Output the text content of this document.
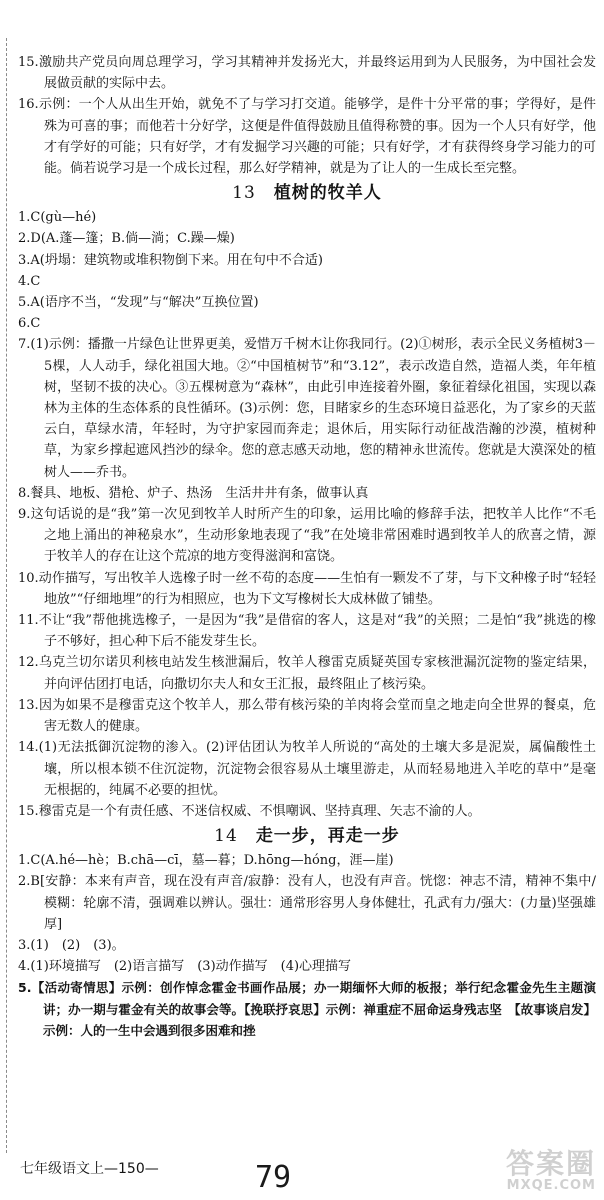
15.激励共产党员向周总理学习，学习其精神并发扬光大，并最终运用到为人民服务，为中国社会发展做贡献的实际中去。

16.示例：一个人从出生开始，就免不了与学习打交道。能够学，是件十分平常的事；学得好，是件殊为可喜的事；而他若十分好学，这便是件值得鼓励且值得称赞的事。因为一个人只有好学，他才有学好的可能；只有好学，才有发掘学习兴趣的可能；只有好学，才有获得终身学习能力的可能。倘若说学习是一个成长过程，那么好学精神，就是为了让人的一生成长至完整。

13 植树的牧羊人

1.C(gù—hé)

2.D(A.蓬—篷；B.倘—淌；C.躁—燥)

3.A(坍塌：建筑物或堆积物倒下来。用在句中不合适)

4.C

5.A(语序不当，“发现”与“解决”互换位置)

6.C

7.(1)示例：播撒一片绿色让世界更美，爱惜万千树木让你我同行。(2)①树形，表示全民义务植树3－5棵，人人动手，绿化祖国大地。②“中国植树节”和“3.12”，表示改造自然，造福人类，年年植树，坚韧不拔的决心。③五棵树意为“森林”，由此引申连接着外圈，象征着绿化祖国，实现以森林为主体的生态体系的良性循环。(3)示例：您，目睹家乡的生态环境日益恶化，为了家乡的天蓝云白，草绿水清，年轻时，为守护家园而奔走；退休后，用实际行动征战浩瀚的沙漠，植树种草，为家乡撑起遮风挡沙的绿伞。您的意志感天动地，您的精神永世流传。您就是大漠深处的植树人——乔书。

8.餐具、地板、猎枪、炉子、热汤　生活井井有条，做事认真

9.这句话说的是“我”第一次见到牧羊人时所产生的印象，运用比喻的修辞手法，把牧羊人比作“不毛之地上涌出的神秘泉水”，生动形象地表现了“我”在处境非常困难时遇到牧羊人的欣喜之情，源于牧羊人的存在让这个荒凉的地方变得滋润和富饶。

10.动作描写，写出牧羊人选橡子时一丝不苟的态度——生怕有一颗发不了芽，与下文种橡子时“轻轻地放”“仔细地埋”的行为相照应，也为下文写橡树长大成林做了铺垫。

11.不让“我”帮他挑选橡子，一是因为“我”是借宿的客人，这是对“我”的关照；二是怕“我”挑选的橡子不够好，担心种下后不能发芽生长。

12.乌克兰切尔诺贝利核电站发生核泄漏后，牧羊人穆雷克质疑英国专家核泄漏沉淀物的鉴定结果，并向评估团打电话，向撒切尔夫人和女王汇报，最终阻止了核污染。

13.因为如果不是穆雷克这个牧羊人，那么带有核污染的羊肉将会堂而皇之地走向全世界的餐桌，危害无数人的健康。

14.(1)无法抵御沉淀物的渗入。(2)评估团认为牧羊人所说的“高处的土壤大多是泥炭，属偏酸性土壤，所以根本锁不住沉淀物，沉淀物会很容易从土壤里游走，从而轻易地进入羊吃的草中”是毫无根据的，纯属不必要的担忧。

15.穆雷克是一个有责任感、不迷信权威、不惧嘲讽、坚持真理、矢志不渝的人。

14 走一步，再走一步

1.C(A.hé—hè；B.chā—cī，墓—暮；D.hōng—hóng，涯—崖)

2.B[安静：本来有声音，现在没有声音/寂静：没有人，也没有声音。恍惚：神志不清，精神不集中/模糊：轮廓不清，强调难以辨认。强壮：通常形容男人身体健壮，孔武有力/强大：(力量)坚强雄厚]

3.(1)　(2)　(3)。

4.(1)环境描写　(2)语言描写　(3)动作描写　(4)心理描写

5.【活动寄情思】示例：创作悼念霍金书画作品展；办一期缅怀大师的板报；举行纪念霍金先生主题演讲；办一期与霍金有关的故事会等。【挽联抒哀思】示例：禅重症不屈命运身残志坚　【故事谈启发】示例：人的一生中会遇到很多困难和挫

七年级语文上—150—	79	答案圈
MXQE.COM
